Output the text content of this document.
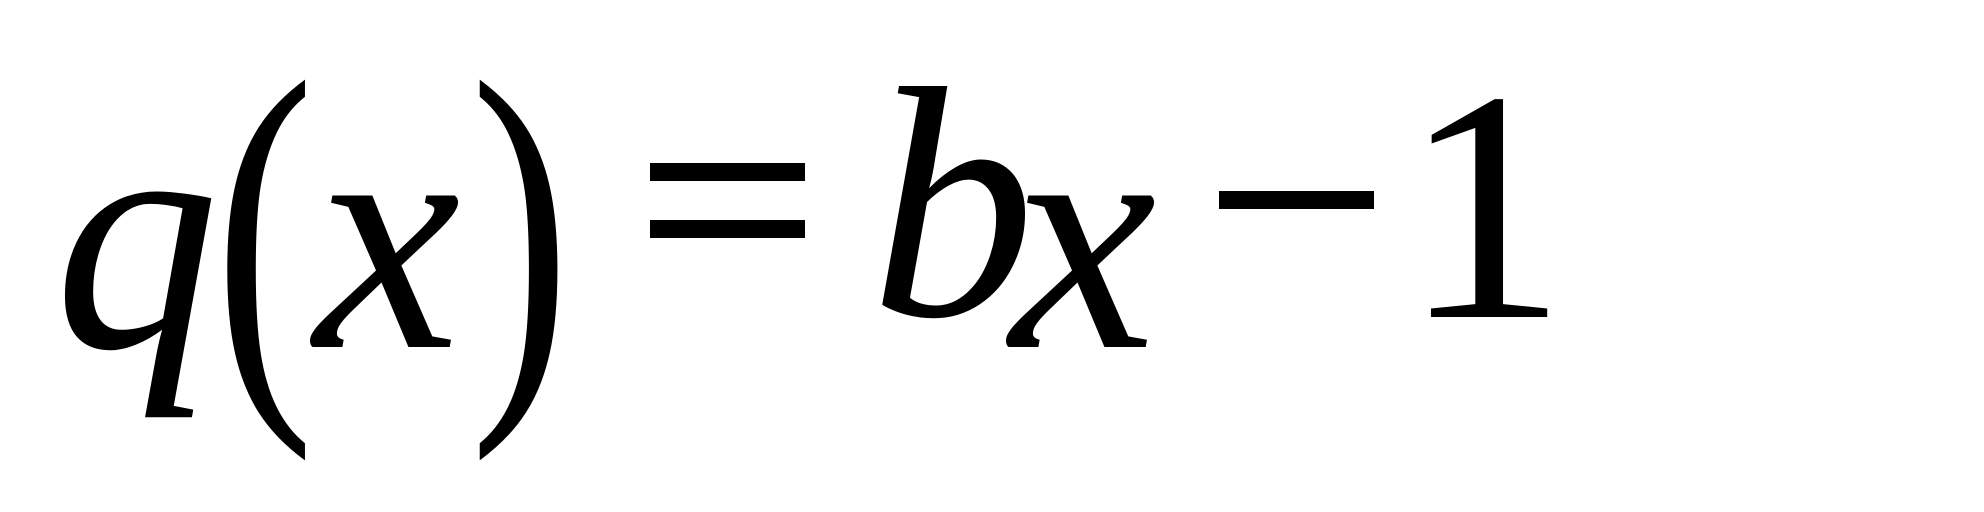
q
( x ) b
x 1
